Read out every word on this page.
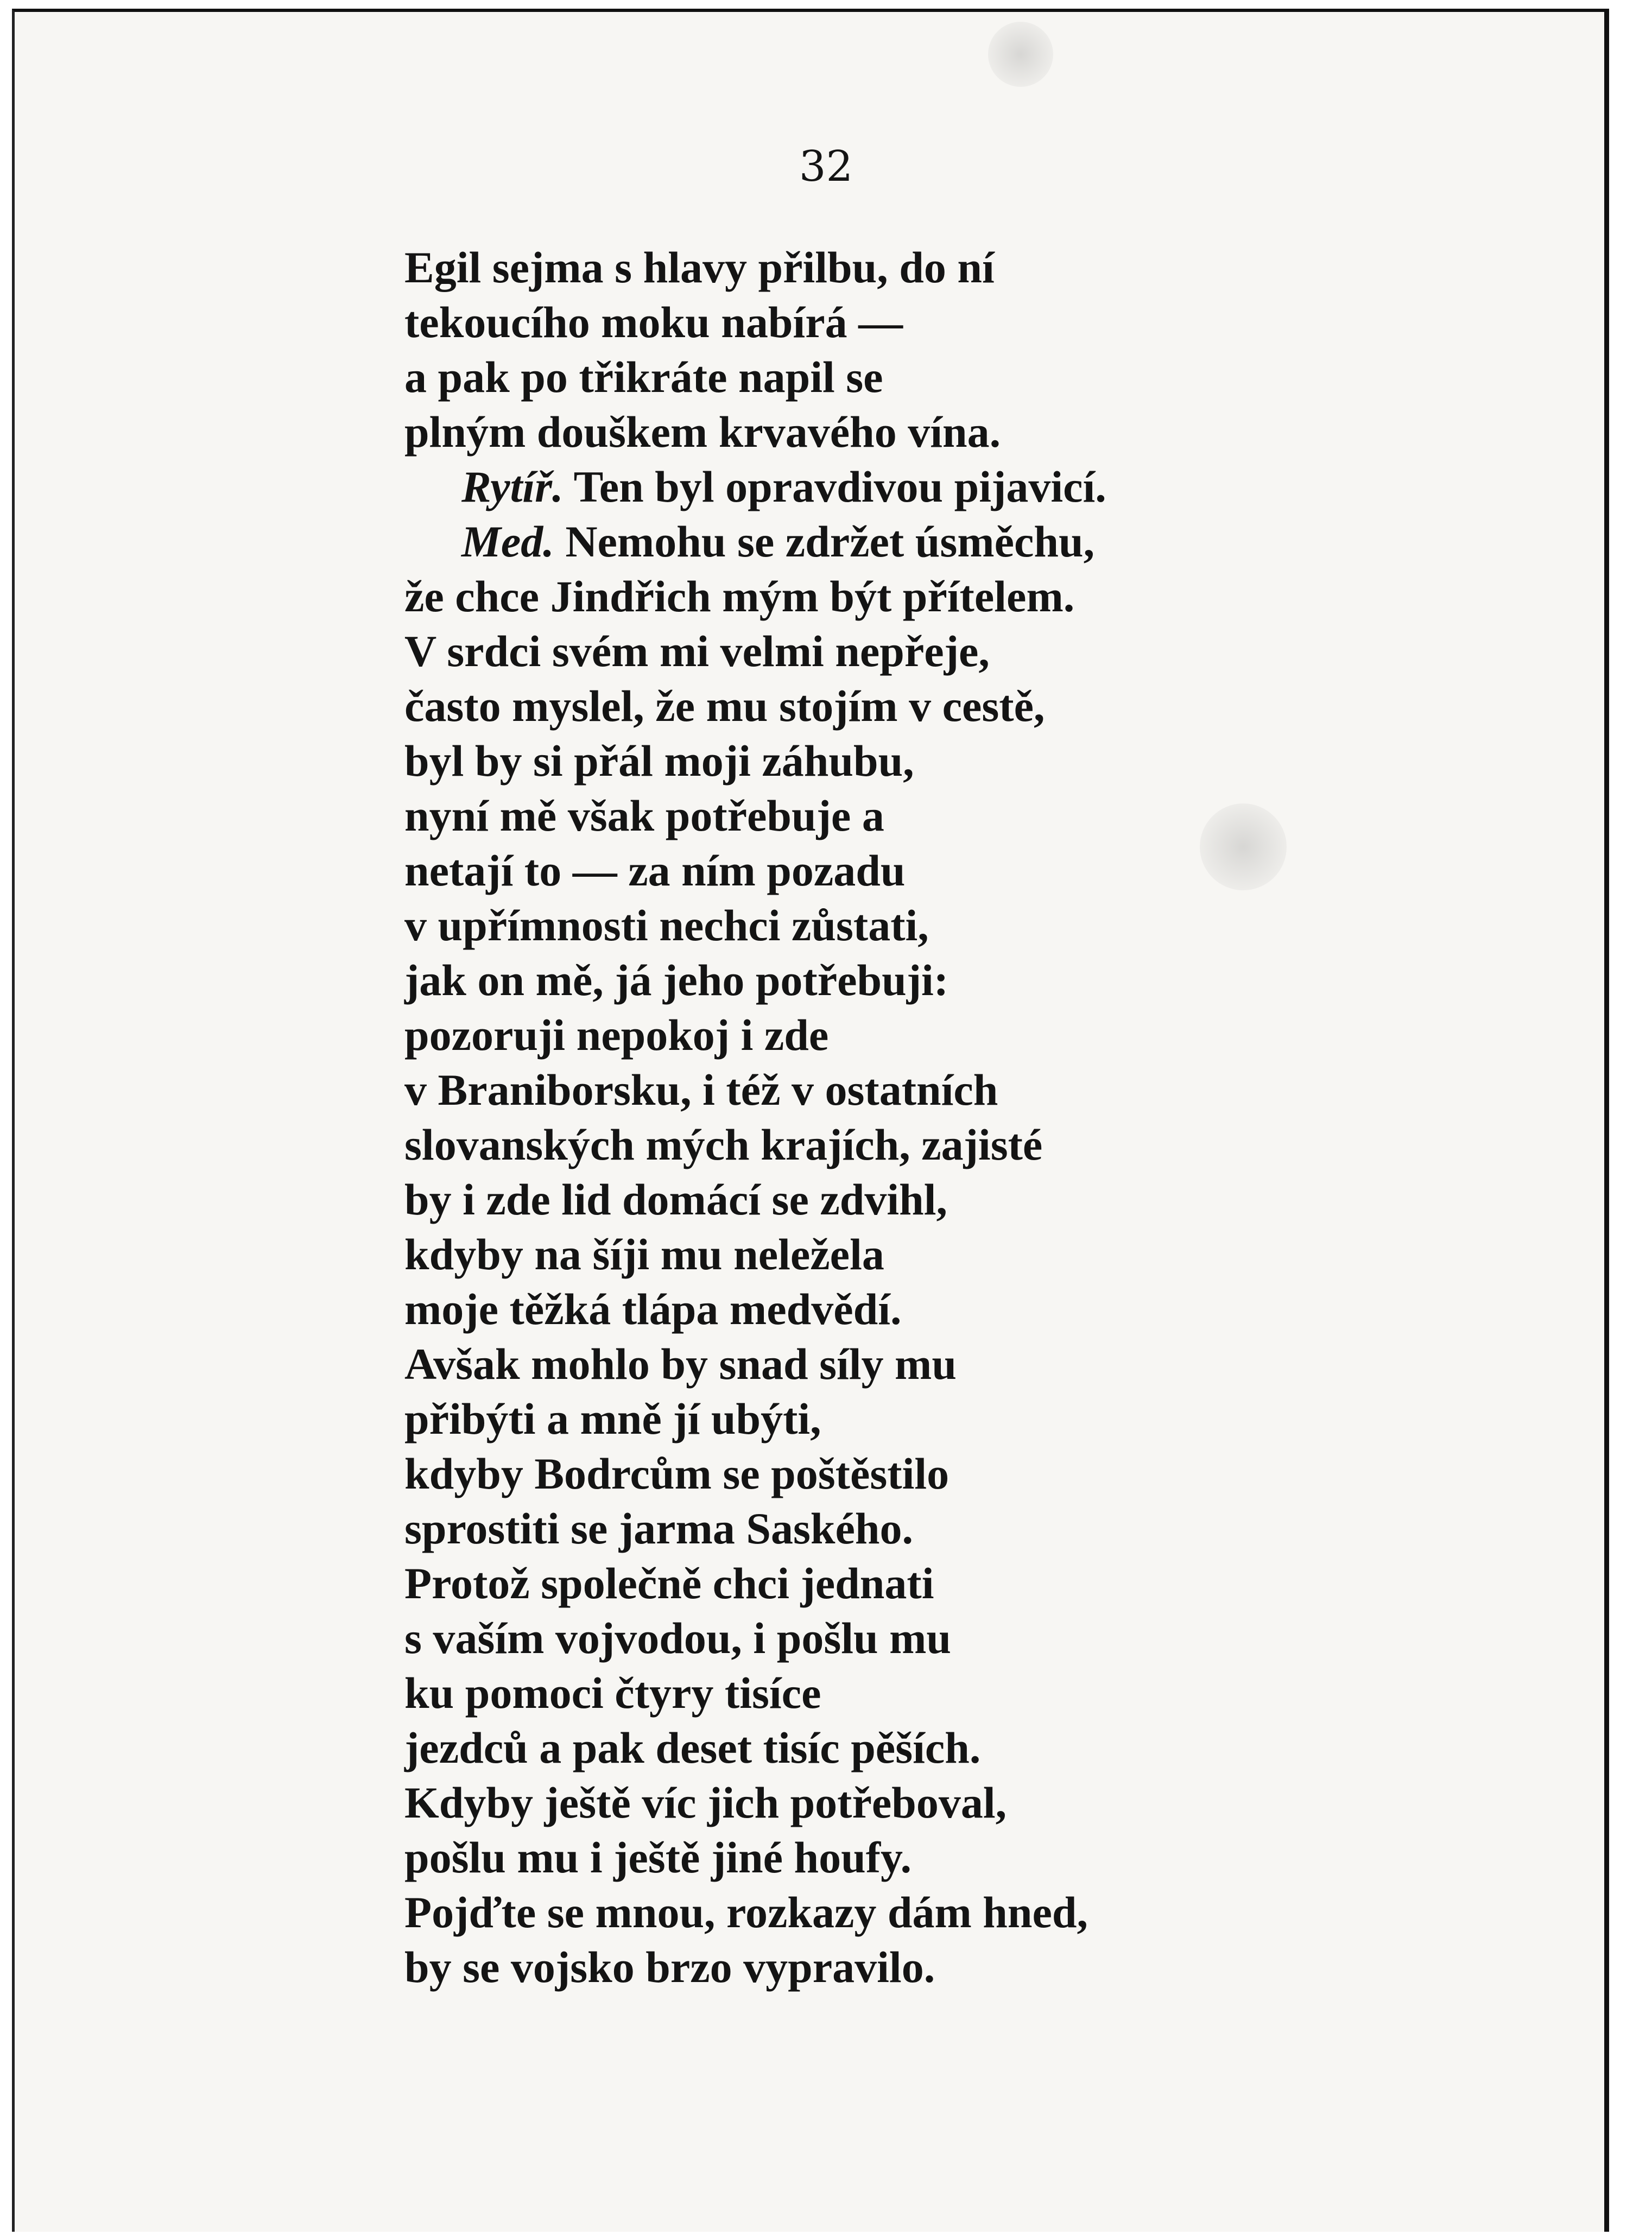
32
Egil sejma s hlavy přilbu, do ní
tekoucího moku nabírá —
a pak po třikráte napil se
plným douškem krvavého vína.
Rytíř. Ten byl opravdivou pijavicí.
Med. Nemohu se zdržet úsměchu,
že chce Jindřich mým být přítelem.
V srdci svém mi velmi nepřeje,
často myslel, že mu stojím v cestě,
byl by si přál moji záhubu,
nyní mě však potřebuje a
netají to — za ním pozadu
v upřímnosti nechci zůstati,
jak on mě, já jeho potřebuji:
pozoruji nepokoj i zde
v Braniborsku, i též v ostatních
slovanských mých krajích, zajisté
by i zde lid domácí se zdvihl,
kdyby na šíji mu neležela
moje těžká tlápa medvědí.
Avšak mohlo by snad síly mu
přibýti a mně jí ubýti,
kdyby Bodrcům se poštěstilo
sprostiti se jarma Saského.
Protož společně chci jednati
s vaším vojvodou, i pošlu mu
ku pomoci čtyry tisíce
jezdců a pak deset tisíc pěších.
Kdyby ještě víc jich potřeboval,
pošlu mu i ještě jiné houfy.
Pojďte se mnou, rozkazy dám hned,
by se vojsko brzo vypravilo.
